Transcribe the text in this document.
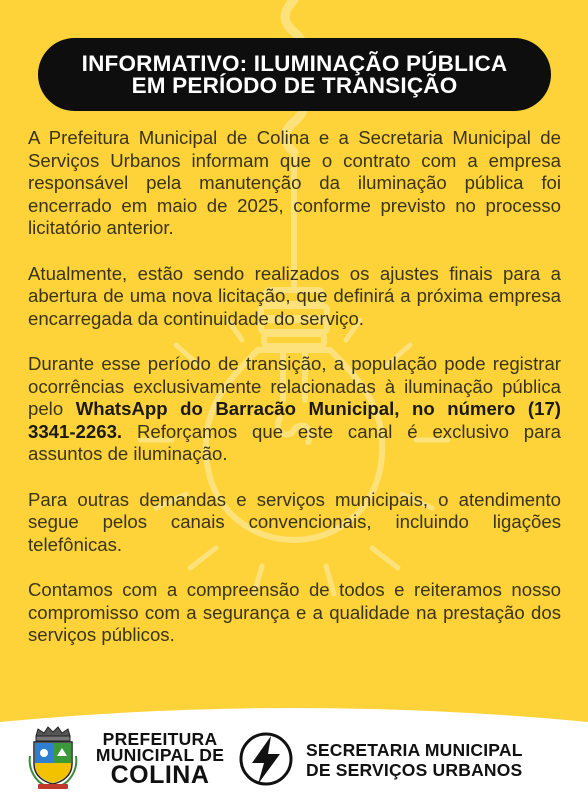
INFORMATIVO: ILUMINAÇÃO PÚBLICA
EM PERÍODO DE TRANSIÇÃO

A Prefeitura Municipal de Colina e a Secretaria Municipal de Serviços Urbanos informam que o contrato com a empresa responsável pela manutenção da iluminação pública foi encerrado em maio de 2025, conforme previsto no processo licitatório anterior.

Atualmente, estão sendo realizados os ajustes finais para a abertura de uma nova licitação, que definirá a próxima empresa encarregada da continuidade do serviço.

Durante esse período de transição, a população pode registrar ocorrências exclusivamente relacionadas à iluminação pública pelo WhatsApp do Barracão Municipal, no número (17) 3341-2263. Reforçamos que este canal é exclusivo para assuntos de iluminação.

Para outras demandas e serviços municipais, o atendimento segue pelos canais convencionais, incluindo ligações telefônicas.

Contamos com a compreensão de todos e reiteramos nosso compromisso com a segurança e a qualidade na prestação dos serviços públicos.

PREFEITURA
MUNICIPAL DE
COLINA
SECRETARIA MUNICIPAL
DE SERVIÇOS URBANOS
